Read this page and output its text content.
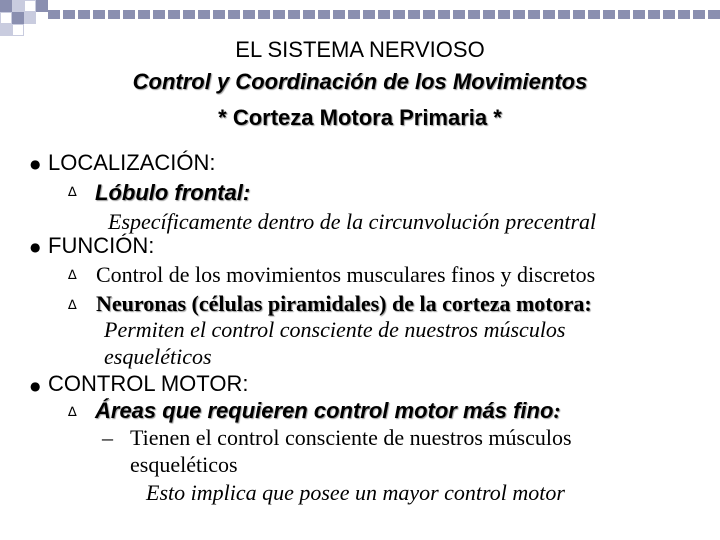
EL SISTEMA NERVIOSO
Control y Coordinación de los Movimientos
* Corteza Motora Primaria *
● LOCALIZACIÓN:
∆ Lóbulo frontal:
Específicamente dentro de la circunvolución precentral
● FUNCIÓN:
∆ Control de los movimientos musculares finos y discretos
∆ Neuronas (células piramidales) de la corteza motora:
Permiten el control consciente de nuestros músculos
esqueléticos
● CONTROL MOTOR:
∆ Áreas que requieren control motor más fino:
– Tienen el control consciente de nuestros músculos
esqueléticos
Esto implica que posee un mayor control motor
